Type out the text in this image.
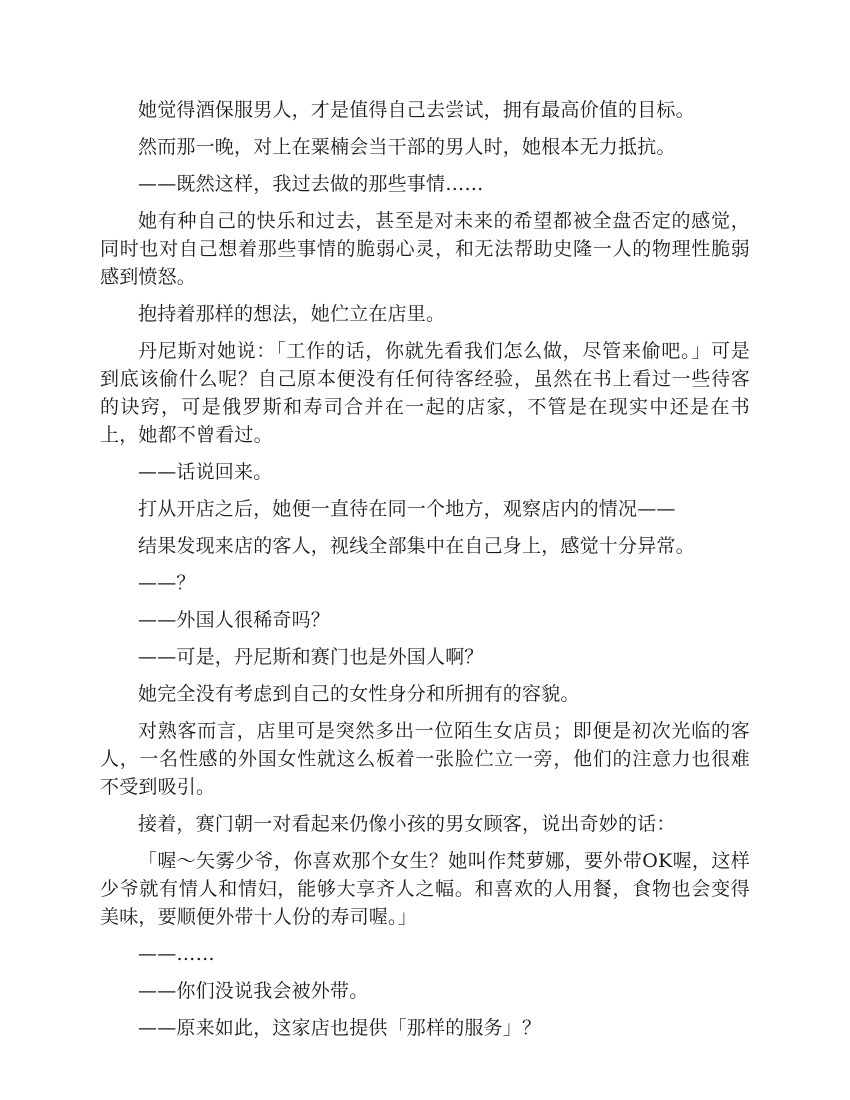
她觉得酒保服男人，才是值得自己去尝试，拥有最高价值的目标。

然而那一晚，对上在粟楠会当干部的男人时，她根本无力抵抗。

——既然这样，我过去做的那些事情……

她有种自己的快乐和过去，甚至是对未来的希望都被全盘否定的感觉，同时也对自己想着那些事情的脆弱心灵，和无法帮助史隆一人的物理性脆弱感到愤怒。

抱持着那样的想法，她伫立在店里。

丹尼斯对她说：「工作的话，你就先看我们怎么做，尽管来偷吧。」可是到底该偷什么呢？自己原本便没有任何待客经验，虽然在书上看过一些待客的诀窍，可是俄罗斯和寿司合并在一起的店家，不管是在现实中还是在书上，她都不曾看过。

——话说回来。

打从开店之后，她便一直待在同一个地方，观察店内的情况——

结果发现来店的客人，视线全部集中在自己身上，感觉十分异常。

——？

——外国人很稀奇吗？

——可是，丹尼斯和赛门也是外国人啊？

她完全没有考虑到自己的女性身分和所拥有的容貌。

对熟客而言，店里可是突然多出一位陌生女店员；即便是初次光临的客人，一名性感的外国女性就这么板着一张脸伫立一旁，他们的注意力也很难不受到吸引。

接着，赛门朝一对看起来仍像小孩的男女顾客，说出奇妙的话：

「喔～矢雾少爷，你喜欢那个女生？她叫作梵萝娜，要外带OK喔，这样少爷就有情人和情妇，能够大享齐人之幅。和喜欢的人用餐，食物也会变得美味，要顺便外带十人份的寿司喔。」

——……

——你们没说我会被外带。

——原来如此，这家店也提供「那样的服务」？
